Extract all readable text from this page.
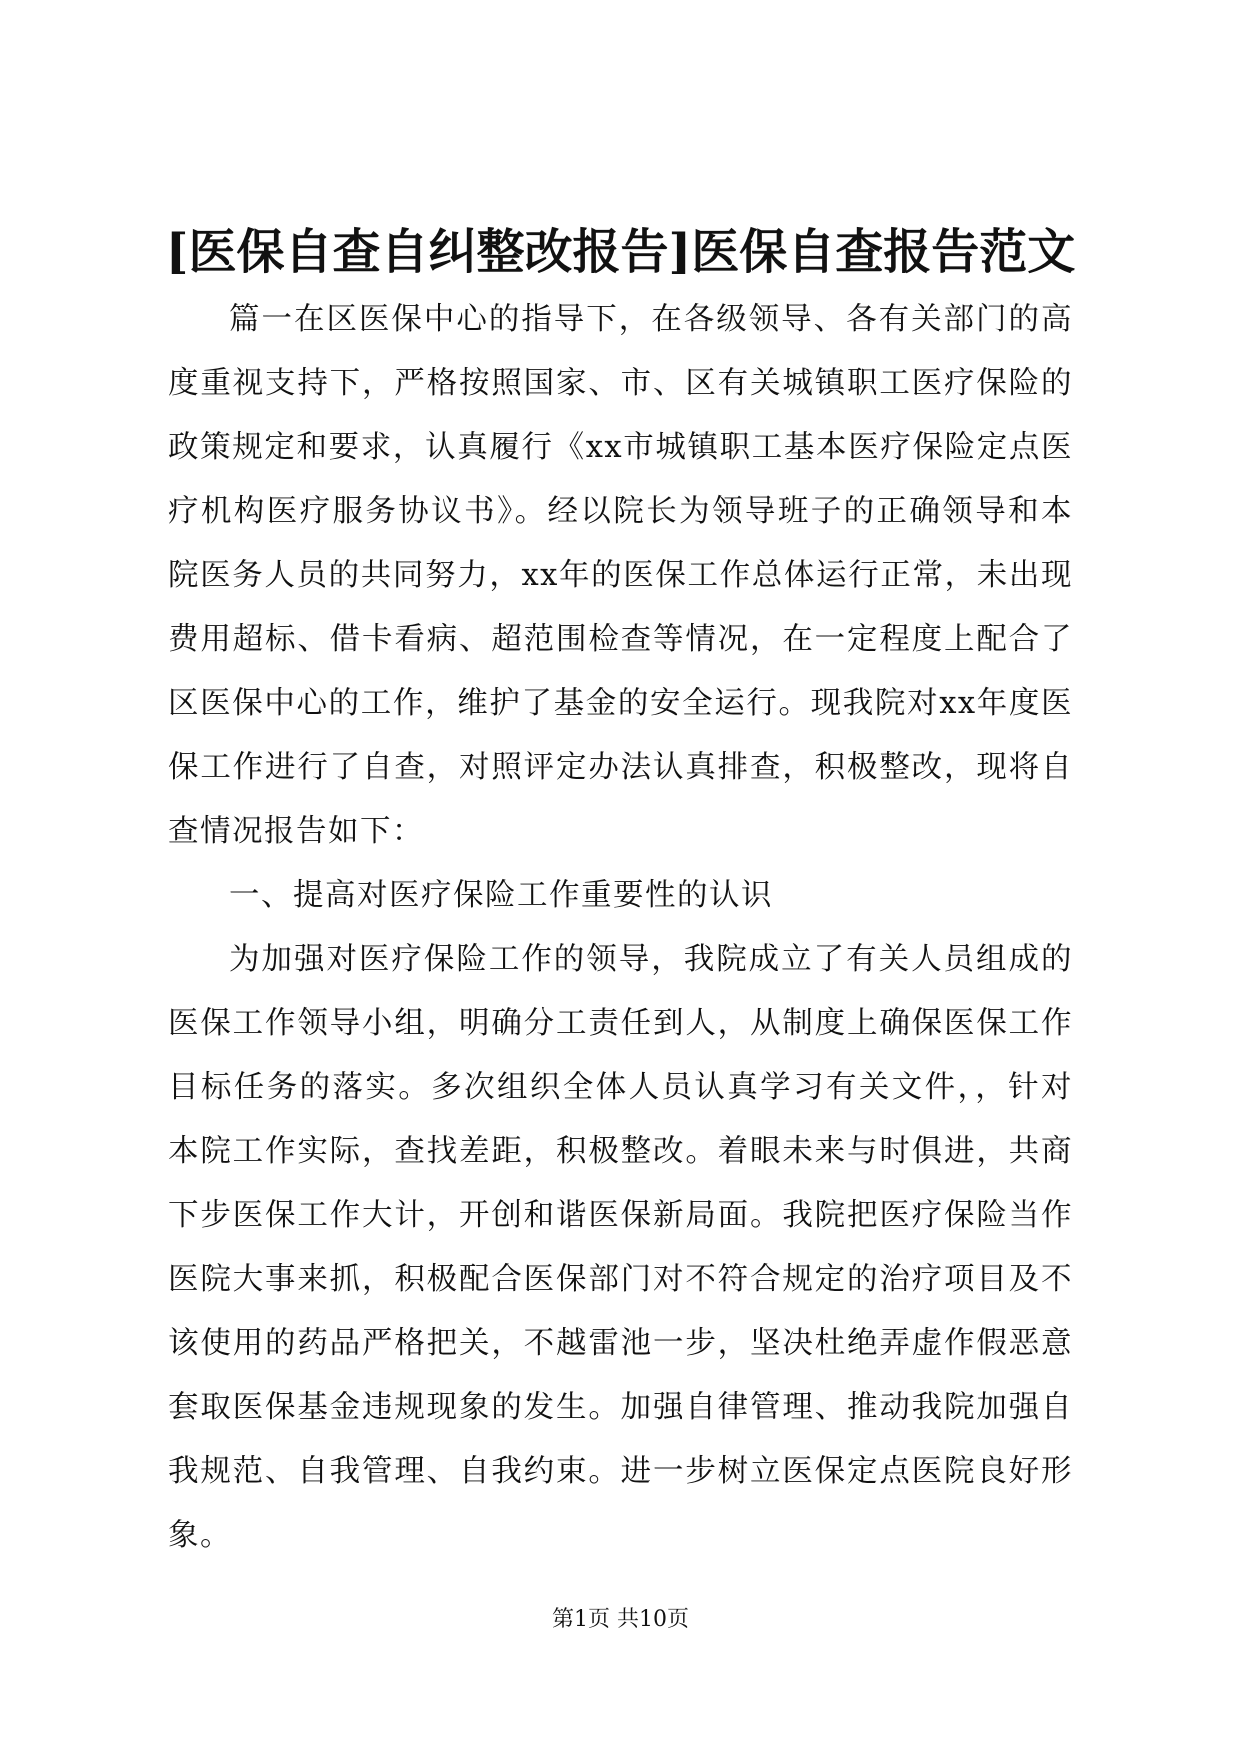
[医保自查自纠整改报告]医保自查报告范文

篇一在区医保中心的指导下，在各级领导、各有关部门的高度重视支持下，严格按照国家、市、区有关城镇职工医疗保险的政策规定和要求，认真履行《xx市城镇职工基本医疗保险定点医疗机构医疗服务协议书》。经以院长为领导班子的正确领导和本院医务人员的共同努力，xx年的医保工作总体运行正常，未出现费用超标、借卡看病、超范围检查等情况，在一定程度上配合了区医保中心的工作，维护了基金的安全运行。现我院对xx年度医保工作进行了自查，对照评定办法认真排查，积极整改，现将自查情况报告如下：

一、提高对医疗保险工作重要性的认识

为加强对医疗保险工作的领导，我院成立了有关人员组成的医保工作领导小组，明确分工责任到人，从制度上确保医保工作目标任务的落实。多次组织全体人员认真学习有关文件，，针对本院工作实际，查找差距，积极整改。着眼未来与时俱进，共商下步医保工作大计，开创和谐医保新局面。我院把医疗保险当作医院大事来抓，积极配合医保部门对不符合规定的治疗项目及不该使用的药品严格把关，不越雷池一步，坚决杜绝弄虚作假恶意套取医保基金违规现象的发生。加强自律管理、推动我院加强自我规范、自我管理、自我约束。进一步树立医保定点医院良好形象。

第1页 共10页
